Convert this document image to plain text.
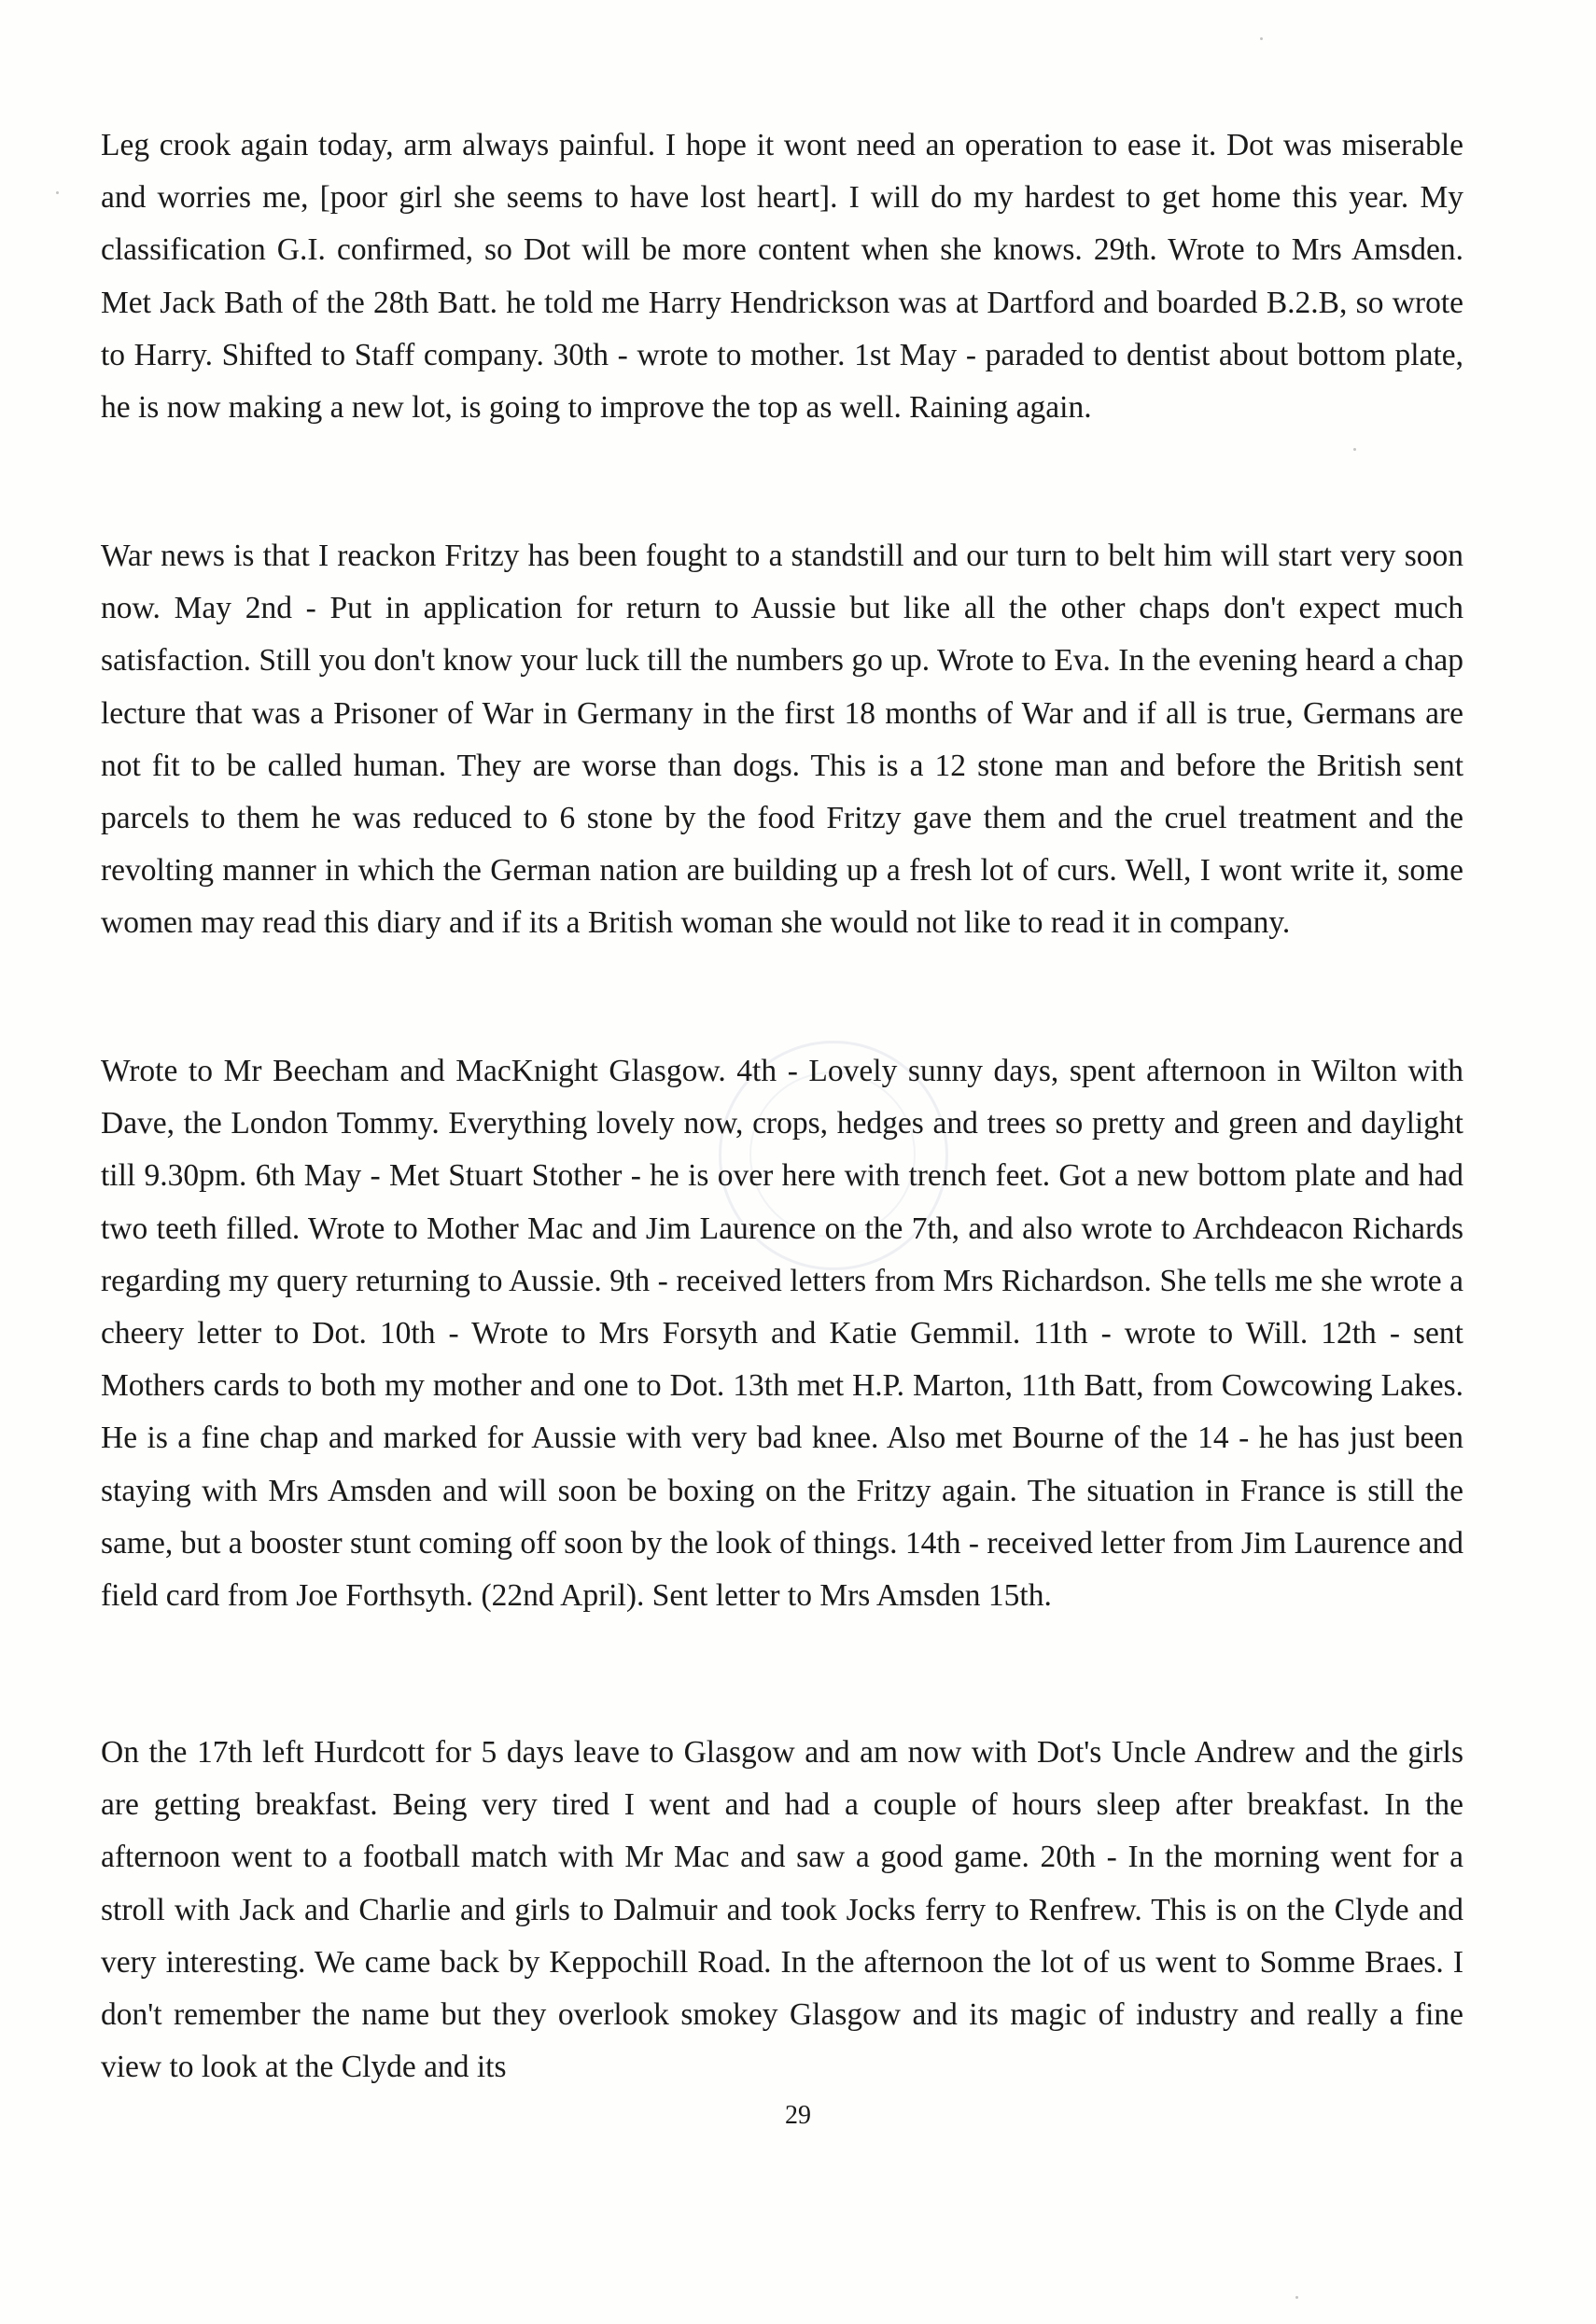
Leg crook again today, arm always painful. I hope it wont need an operation to ease it. Dot was miserable and worries me, [poor girl she seems to have lost heart]. I will do my hardest to get home this year. My classification G.I. confirmed, so Dot will be more content when she knows. 29th. Wrote to Mrs Amsden. Met Jack Bath of the 28th Batt. he told me Harry Hendrickson was at Dartford and boarded B.2.B, so wrote to Harry. Shifted to Staff company. 30th - wrote to mother. 1st May - paraded to dentist about bottom plate, he is now making a new lot, is going to improve the top as well. Raining again.

War news is that I reackon Fritzy has been fought to a standstill and our turn to belt him will start very soon now. May 2nd - Put in application for return to Aussie but like all the other chaps don't expect much satisfaction. Still you don't know your luck till the numbers go up. Wrote to Eva. In the evening heard a chap lecture that was a Prisoner of War in Germany in the first 18 months of War and if all is true, Germans are not fit to be called human. They are worse than dogs. This is a 12 stone man and before the British sent parcels to them he was reduced to 6 stone by the food Fritzy gave them and the cruel treatment and the revolting manner in which the German nation are building up a fresh lot of curs. Well, I wont write it, some women may read this diary and if its a British woman she would not like to read it in company.

Wrote to Mr Beecham and MacKnight Glasgow. 4th - Lovely sunny days, spent afternoon in Wilton with Dave, the London Tommy. Everything lovely now, crops, hedges and trees so pretty and green and daylight till 9.30pm. 6th May - Met Stuart Stother - he is over here with trench feet. Got a new bottom plate and had two teeth filled. Wrote to Mother Mac and Jim Laurence on the 7th, and also wrote to Archdeacon Richards regarding my query returning to Aussie. 9th - received letters from Mrs Richardson. She tells me she wrote a cheery letter to Dot. 10th - Wrote to Mrs Forsyth and Katie Gemmil. 11th - wrote to Will. 12th - sent Mothers cards to both my mother and one to Dot. 13th met H.P. Marton, 11th Batt, from Cowcowing Lakes. He is a fine chap and marked for Aussie with very bad knee. Also met Bourne of the 14 - he has just been staying with Mrs Amsden and will soon be boxing on the Fritzy again. The situation in France is still the same, but a booster stunt coming off soon by the look of things. 14th - received letter from Jim Laurence and field card from Joe Forthsyth. (22nd April). Sent letter to Mrs Amsden 15th.

On the 17th left Hurdcott for 5 days leave to Glasgow and am now with Dot's Uncle Andrew and the girls are getting breakfast. Being very tired I went and had a couple of hours sleep after breakfast. In the afternoon went to a football match with Mr Mac and saw a good game. 20th - In the morning went for a stroll with Jack and Charlie and girls to Dalmuir and took Jocks ferry to Renfrew. This is on the Clyde and very interesting. We came back by Keppochill Road. In the afternoon the lot of us went to Somme Braes. I don't remember the name but they overlook smokey Glasgow and its magic of industry and really a fine view to look at the Clyde and its

29
